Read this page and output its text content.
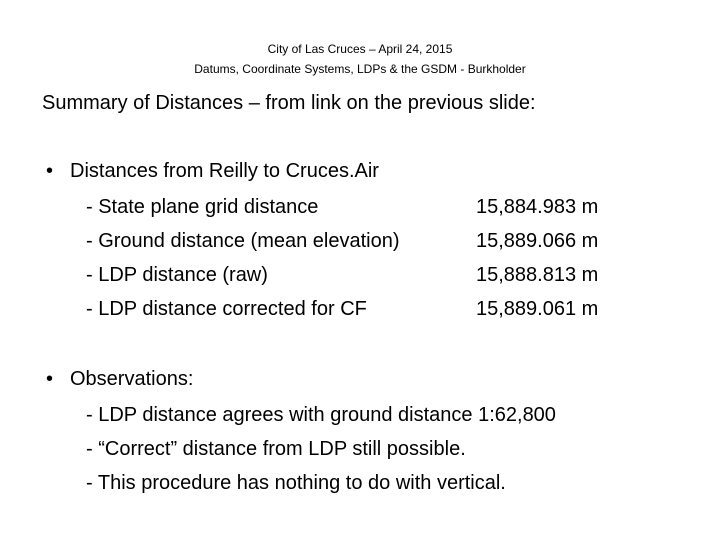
City of Las Cruces – April 24, 2015
Datums, Coordinate Systems, LDPs & the GSDM - Burkholder
Summary of Distances – from link on the previous slide:
• Distances from Reilly to Cruces.Air
- State plane grid distance	15,884.983 m
- Ground distance (mean elevation)	15,889.066 m
- LDP distance (raw)	15,888.813 m
- LDP distance corrected for CF	15,889.061 m
• Observations:
- LDP distance agrees with ground distance 1:62,800
- “Correct” distance from LDP still possible.
- This procedure has nothing to do with vertical.
